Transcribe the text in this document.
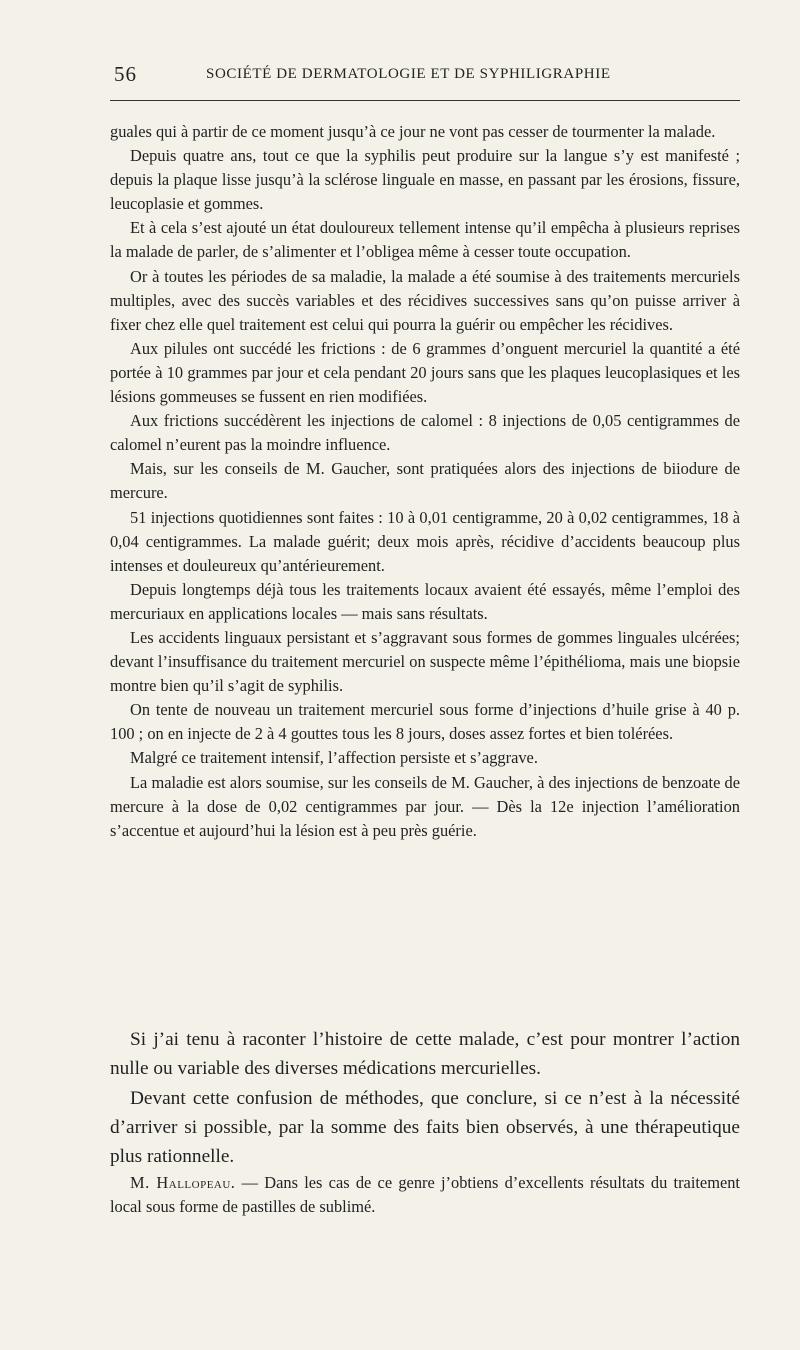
56	SOCIÉTÉ DE DERMATOLOGIE ET DE SYPHILIGRAPHIE

guales qui à partir de ce moment jusqu’à ce jour ne vont pas cesser de tourmenter la malade.

Depuis quatre ans, tout ce que la syphilis peut produire sur la langue s’y est manifesté ; depuis la plaque lisse jusqu’à la sclérose linguale en masse, en passant par les érosions, fissure, leucoplasie et gommes.

Et à cela s’est ajouté un état douloureux tellement intense qu’il empêcha à plusieurs reprises la malade de parler, de s’alimenter et l’obligea même à cesser toute occupation.

Or à toutes les périodes de sa maladie, la malade a été soumise à des traitements mercuriels multiples, avec des succès variables et des récidives successives sans qu’on puisse arriver à fixer chez elle quel traitement est celui qui pourra la guérir ou empêcher les récidives.

Aux pilules ont succédé les frictions : de 6 grammes d’onguent mercuriel la quantité a été portée à 10 grammes par jour et cela pendant 20 jours sans que les plaques leucoplasiques et les lésions gommeuses se fussent en rien modifiées.

Aux frictions succédèrent les injections de calomel : 8 injections de 0,05 centigrammes de calomel n’eurent pas la moindre influence.

Mais, sur les conseils de M. Gaucher, sont pratiquées alors des injections de biiodure de mercure.

51 injections quotidiennes sont faites : 10 à 0,01 centigramme, 20 à 0,02 centigrammes, 18 à 0,04 centigrammes. La malade guérit; deux mois après, récidive d’accidents beaucoup plus intenses et douleureux qu’antérieurement.

Depuis longtemps déjà tous les traitements locaux avaient été essayés, même l’emploi des mercuriaux en applications locales — mais sans résultats.

Les accidents linguaux persistant et s’aggravant sous formes de gommes linguales ulcérées; devant l’insuffisance du traitement mercuriel on suspecte même l’épithélioma, mais une biopsie montre bien qu’il s’agit de syphilis.

On tente de nouveau un traitement mercuriel sous forme d’injections d’huile grise à 40 p. 100 ; on en injecte de 2 à 4 gouttes tous les 8 jours, doses assez fortes et bien tolérées.

Malgré ce traitement intensif, l’affection persiste et s’aggrave.

La maladie est alors soumise, sur les conseils de M. Gaucher, à des injections de benzoate de mercure à la dose de 0,02 centigrammes par jour. — Dès la 12e injection l’amélioration s’accentue et aujourd’hui la lésion est à peu près guérie.

Si j’ai tenu à raconter l’histoire de cette malade, c’est pour montrer l’action nulle ou variable des diverses médications mercurielles.

Devant cette confusion de méthodes, que conclure, si ce n’est à la nécessité d’arriver si possible, par la somme des faits bien observés, à une thérapeutique plus rationnelle.

M. Hallopeau. — Dans les cas de ce genre j’obtiens d’excellents résultats du traitement local sous forme de pastilles de sublimé.
